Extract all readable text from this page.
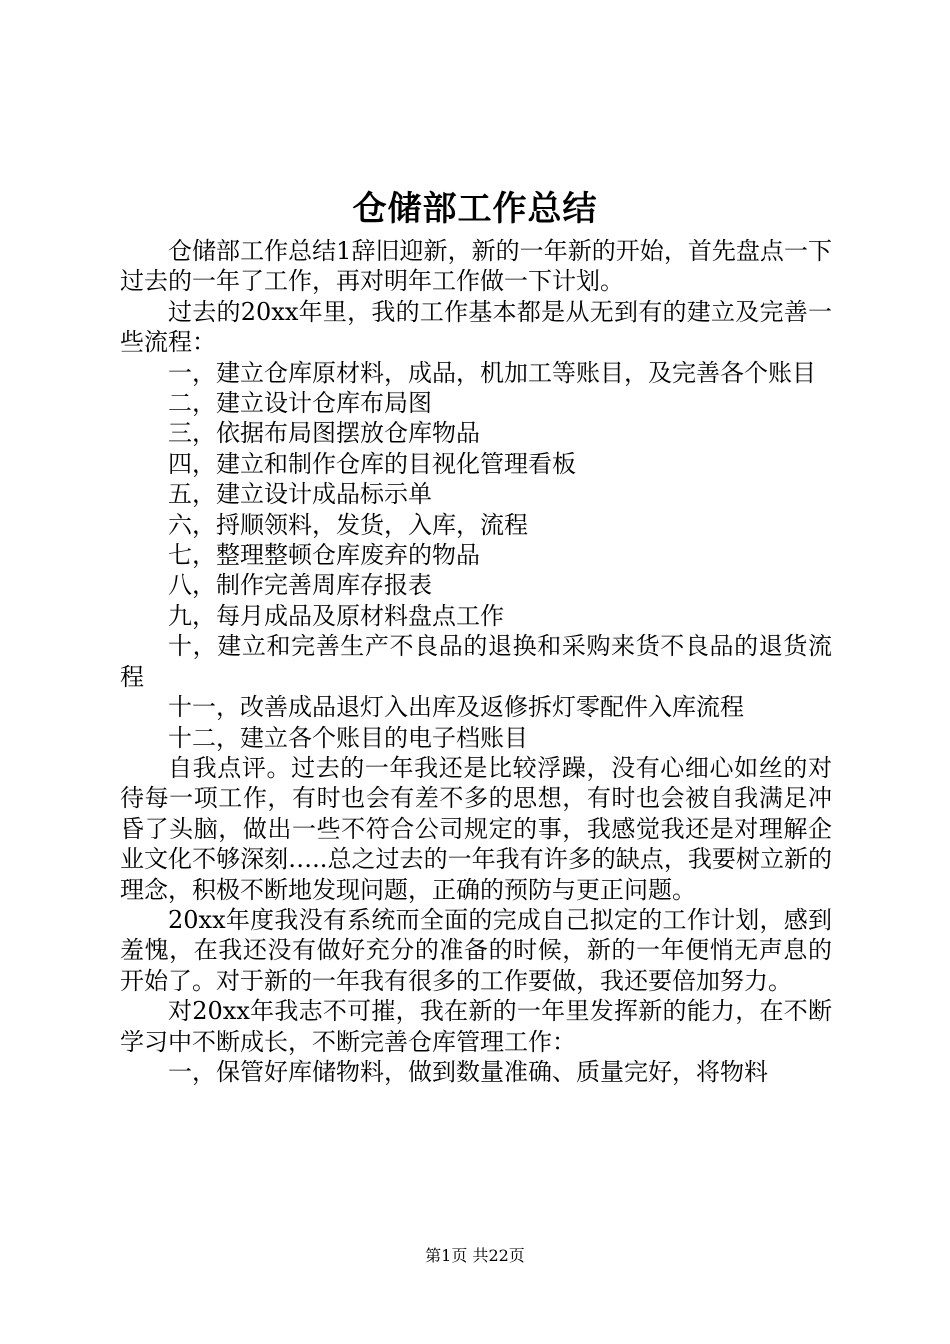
仓储部工作总结

仓储部工作总结1辞旧迎新，新的一年新的开始，首先盘点一下过去的一年了工作，再对明年工作做一下计划。

过去的20xx年里，我的工作基本都是从无到有的建立及完善一些流程：

一，建立仓库原材料，成品，机加工等账目，及完善各个账目

二，建立设计仓库布局图

三，依据布局图摆放仓库物品

四，建立和制作仓库的目视化管理看板

五，建立设计成品标示单

六，捋顺领料，发货，入库，流程

七，整理整顿仓库废弃的物品

八，制作完善周库存报表

九，每月成品及原材料盘点工作

十，建立和完善生产不良品的退换和采购来货不良品的退货流程

十一，改善成品退灯入出库及返修拆灯零配件入库流程

十二，建立各个账目的电子档账目

自我点评。过去的一年我还是比较浮躁，没有心细心如丝的对待每一项工作，有时也会有差不多的思想，有时也会被自我满足冲昏了头脑，做出一些不符合公司规定的事，我感觉我还是对理解企业文化不够深刻…..总之过去的一年我有许多的缺点，我要树立新的理念，积极不断地发现问题，正确的预防与更正问题。

20xx年度我没有系统而全面的完成自己拟定的工作计划，感到羞愧，在我还没有做好充分的准备的时候，新的一年便悄无声息的开始了。对于新的一年我有很多的工作要做，我还要倍加努力。

对20xx年我志不可摧，我在新的一年里发挥新的能力，在不断学习中不断成长，不断完善仓库管理工作：

一，保管好库储物料，做到数量准确、质量完好，将物料

第1页 共22页
